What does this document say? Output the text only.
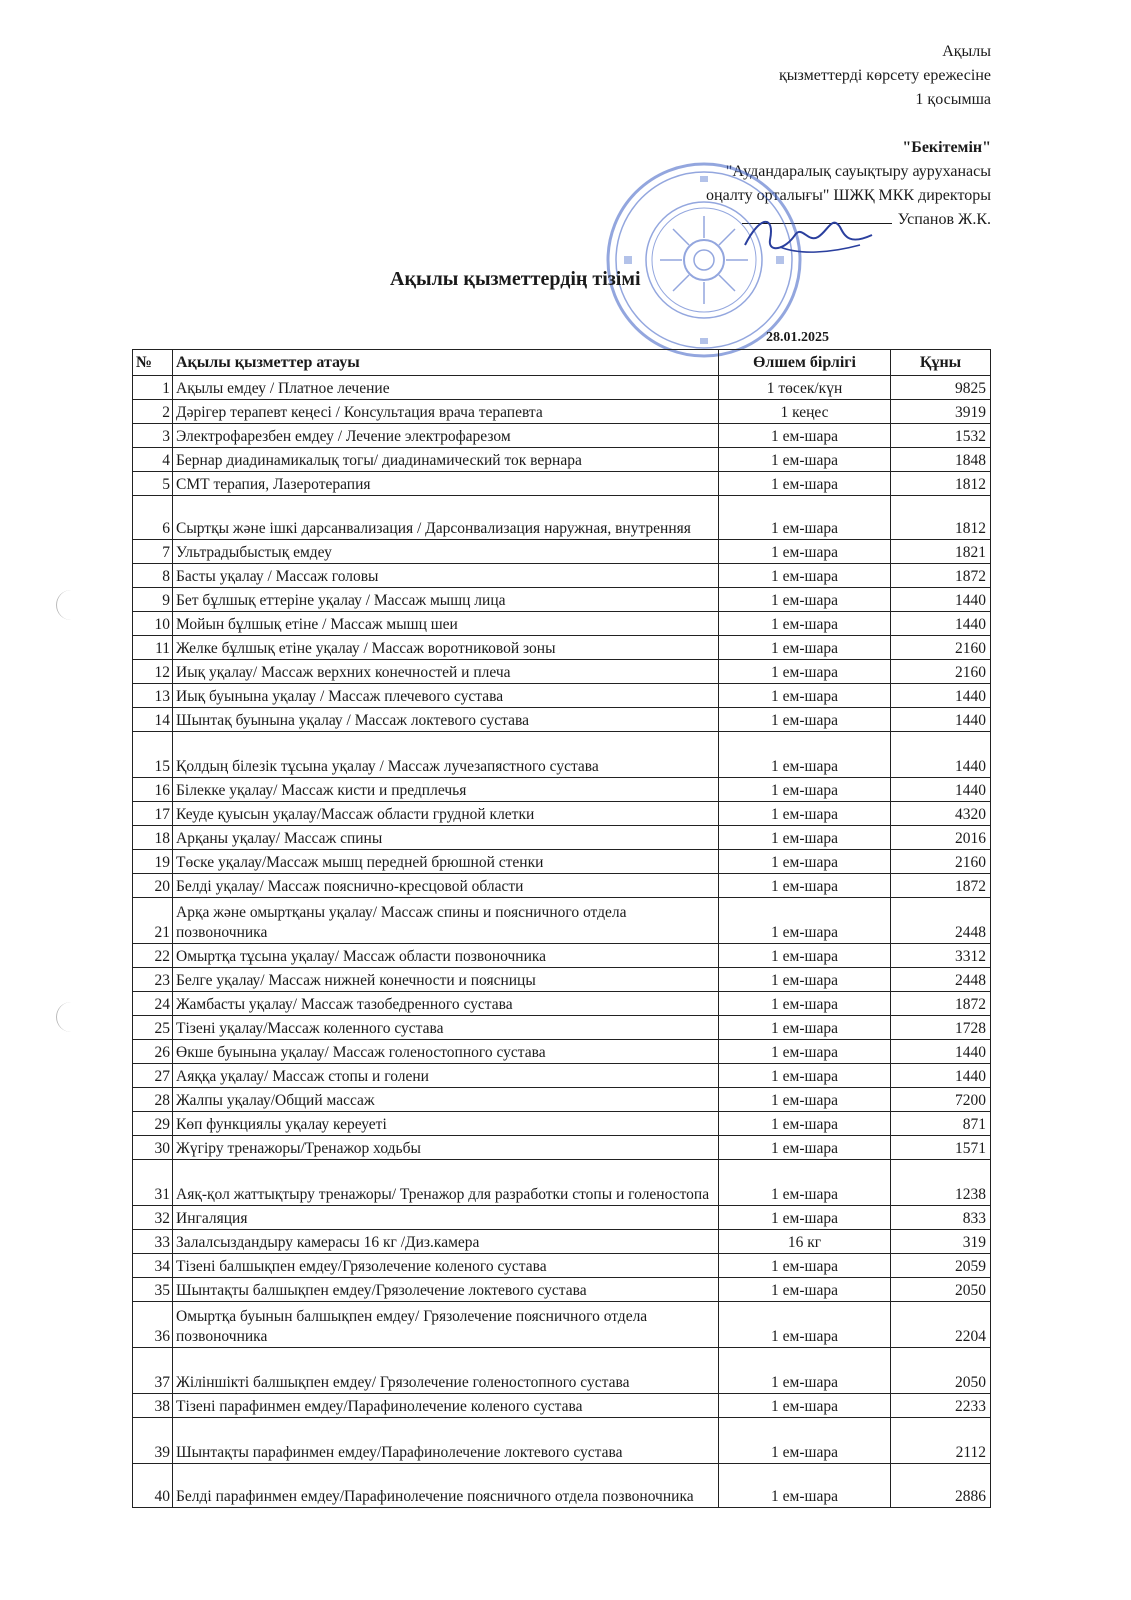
Ақылы
қызметтерді көрсету ережесіне
1 қосымша
"Бекітемін"
"Аудандаралық сауықтыру ауруханасы
оңалту орталығы" ШЖҚ МКК директоры
Успанов Ж.К.
Ақылы қызметтердің тізімі
28.01.2025
№	Ақылы қызметтер атауы	Өлшем бірлігі	Құны
1	Ақылы емдеу / Платное лечение	1 төсек/күн	9825
2	Дәрігер терапевт кеңесі / Консультация врача терапевта	1 кеңес	3919
3	Электрофарезбен емдеу / Лечение электрофарезом	1 ем-шара	1532
4	Бернар диадинамикалық тогы/ диадинамический ток вернара	1 ем-шара	1848
5	СМТ терапия, Лазеротерапия	1 ем-шара	1812
6	Сыртқы және ішкі дарсанвализация / Дарсонвализация наружная, внутренняя	1 ем-шара	1812
7	Ультрадыбыстық емдеу	1 ем-шара	1821
8	Басты уқалау / Массаж головы	1 ем-шара	1872
9	Бет бұлшық еттеріне уқалау / Массаж мышц лица	1 ем-шара	1440
10	Мойын бұлшық етіне / Массаж мышц шеи	1 ем-шара	1440
11	Желке бұлшық етіне уқалау / Массаж воротниковой зоны	1 ем-шара	2160
12	Иық уқалау/ Массаж верхних конечностей и плеча	1 ем-шара	2160
13	Иық буынына уқалау / Массаж плечевого сустава	1 ем-шара	1440
14	Шынтақ буынына уқалау / Массаж локтевого сустава	1 ем-шара	1440
15	Қолдың білезік тұсына уқалау / Массаж лучезапястного сустава	1 ем-шара	1440
16	Білекке уқалау/ Массаж кисти и предплечья	1 ем-шара	1440
17	Кеуде қуысын уқалау/Массаж области грудной клетки	1 ем-шара	4320
18	Арқаны уқалау/ Массаж спины	1 ем-шара	2016
19	Төске уқалау/Массаж мышц передней брюшной стенки	1 ем-шара	2160
20	Белді уқалау/ Массаж пояснично-кресцовой области	1 ем-шара	1872
21	Арқа және омыртқаны уқалау/ Массаж спины и поясничного отдела позвоночника	1 ем-шара	2448
22	Омыртқа тұсына уқалау/ Массаж области позвоночника	1 ем-шара	3312
23	Белге уқалау/ Массаж нижней конечности и поясницы	1 ем-шара	2448
24	Жамбасты уқалау/ Массаж тазобедренного сустава	1 ем-шара	1872
25	Тізені уқалау/Массаж коленного сустава	1 ем-шара	1728
26	Өкше буынына уқалау/ Массаж голеностопного сустава	1 ем-шара	1440
27	Аяққа уқалау/ Массаж стопы и голени	1 ем-шара	1440
28	Жалпы уқалау/Общий массаж	1 ем-шара	7200
29	Көп функциялы уқалау кереуеті	1 ем-шара	871
30	Жүгіру тренажоры/Тренажор ходьбы	1 ем-шара	1571
31	Аяқ-қол жаттықтыру тренажоры/ Тренажор для разработки стопы и голеностопа	1 ем-шара	1238
32	Ингаляция	1 ем-шара	833
33	Залалсыздандыру камерасы 16 кг /Диз.камера	16 кг	319
34	Тізені балшықпен емдеу/Грязолечение коленого сустава	1 ем-шара	2059
35	Шынтақты балшықпен емдеу/Грязолечение локтевого сустава	1 ем-шара	2050
36	Омыртқа буынын балшықпен емдеу/ Грязолечение поясничного отдела позвоночника	1 ем-шара	2204
37	Жіліншікті балшықпен емдеу/ Грязолечение голеностопного сустава	1 ем-шара	2050
38	Тізені парафинмен емдеу/Парафинолечение коленого сустава	1 ем-шара	2233
39	Шынтақты парафинмен емдеу/Парафинолечение локтевого сустава	1 ем-шара	2112
40	Белді парафинмен емдеу/Парафинолечение поясничного отдела позвоночника	1 ем-шара	2886
